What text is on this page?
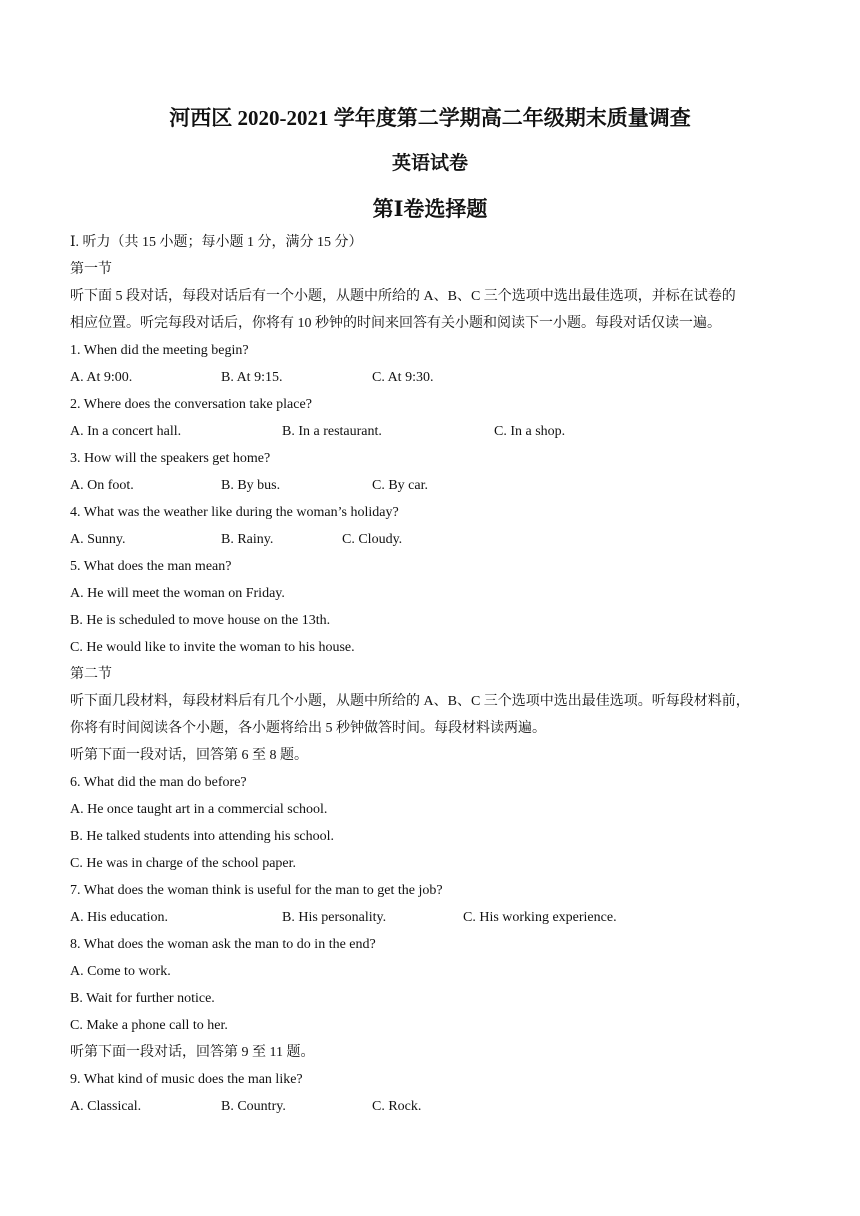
河西区 2020-2021 学年度第二学期高二年级期末质量调查
英语试卷
第Ⅰ卷选择题
Ⅰ. 听力（共 15 小题；每小题 1 分，满分 15 分）
第一节
听下面 5 段对话，每段对话后有一个小题，从题中所给的 A、B、C 三个选项中选出最佳选项，并标在试卷的
相应位置。听完每段对话后，你将有 10 秒钟的时间来回答有关小题和阅读下一小题。每段对话仅读一遍。
1. When did the meeting begin?
A. At 9:00.	B. At 9:15.	C. At 9:30.
2. Where does the conversation take place?
A. In a concert hall.	B. In a restaurant.	C. In a shop.
3. How will the speakers get home?
A. On foot.	B. By bus.	C. By car.
4. What was the weather like during the woman’s holiday?
A. Sunny.	B. Rainy.	C. Cloudy.
5. What does the man mean?
A. He will meet the woman on Friday.
B. He is scheduled to move house on the 13th.
C. He would like to invite the woman to his house.
第二节
听下面几段材料，每段材料后有几个小题，从题中所给的 A、B、C 三个选项中选出最佳选项。听每段材料前，
你将有时间阅读各个小题，各小题将给出 5 秒钟做答时间。每段材料读两遍。
听第下面一段对话，回答第 6 至 8 题。
6. What did the man do before?
A. He once taught art in a commercial school.
B. He talked students into attending his school.
C. He was in charge of the school paper.
7. What does the woman think is useful for the man to get the job?
A. His education.	B. His personality.	C. His working experience.
8. What does the woman ask the man to do in the end?
A. Come to work.
B. Wait for further notice.
C. Make a phone call to her.
听第下面一段对话，回答第 9 至 11 题。
9. What kind of music does the man like?
A. Classical.	B. Country.	C. Rock.
